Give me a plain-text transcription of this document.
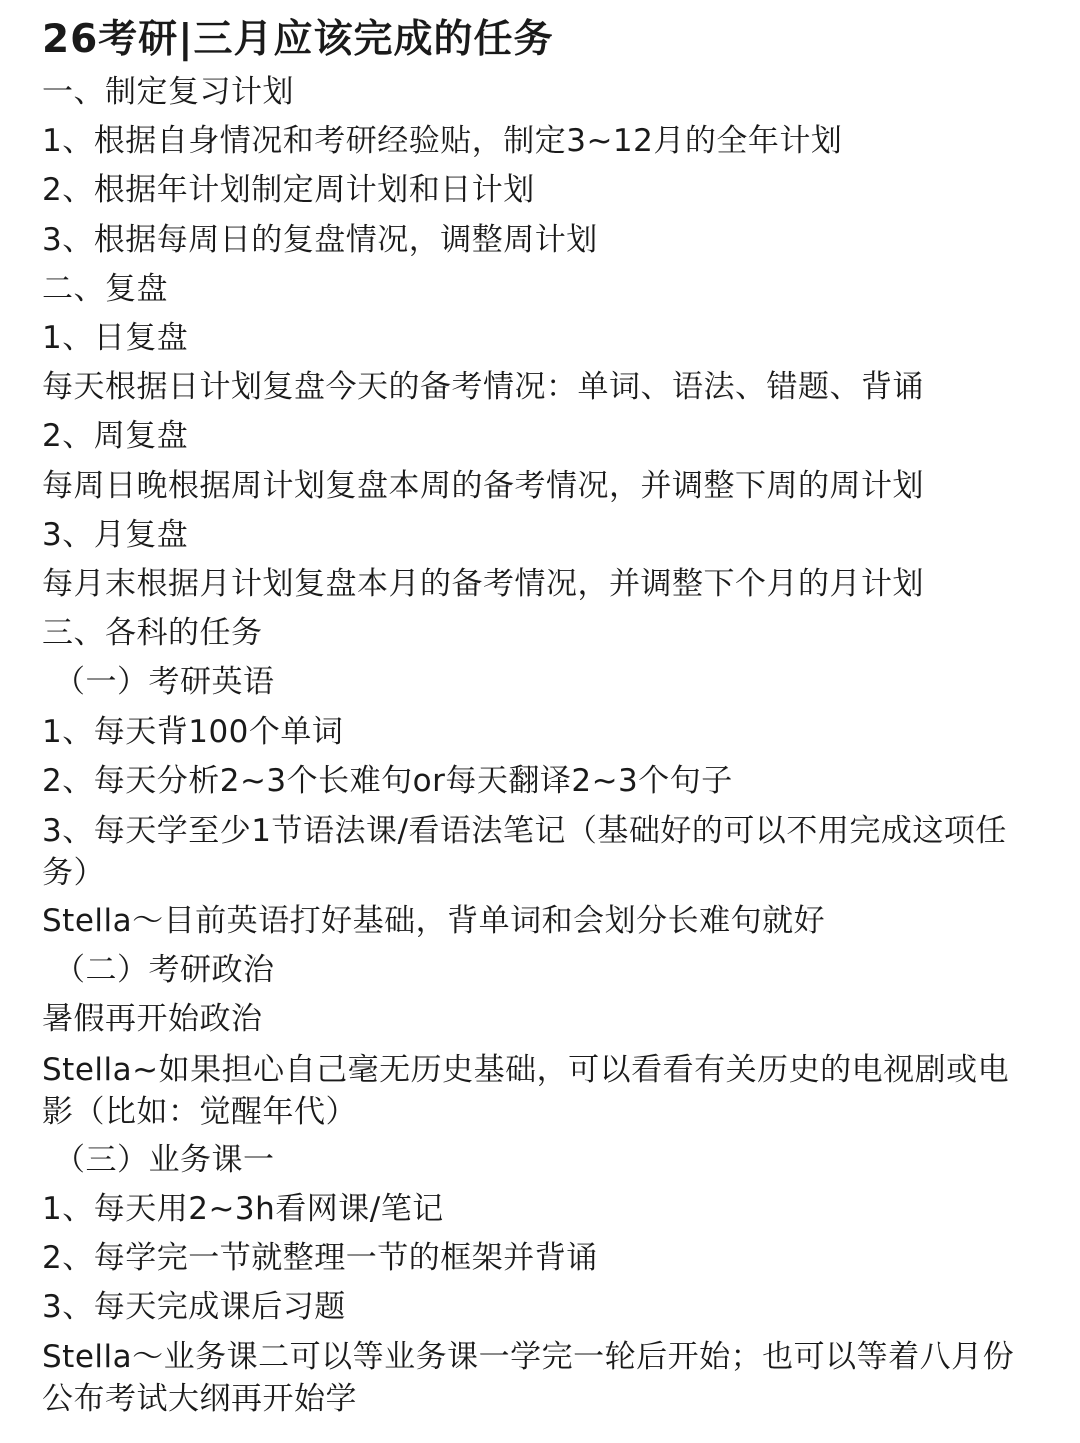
26考研|三月应该完成的任务
一、制定复习计划
1、根据自身情况和考研经验贴，制定3~12月的全年计划
2、根据年计划制定周计划和日计划
3、根据每周日的复盘情况，调整周计划
二、复盘
1、日复盘
每天根据日计划复盘今天的备考情况：单词、语法、错题、背诵
2、周复盘
每周日晚根据周计划复盘本周的备考情况，并调整下周的周计划
3、月复盘
每月末根据月计划复盘本月的备考情况，并调整下个月的月计划
三、各科的任务
（一）考研英语
1、每天背100个单词
2、每天分析2~3个长难句or每天翻译2~3个句子
3、每天学至少1节语法课/看语法笔记（基础好的可以不用完成这项任务）
Stella～目前英语打好基础，背单词和会划分长难句就好
（二）考研政治
暑假再开始政治
Stella~如果担心自己毫无历史基础，可以看看有关历史的电视剧或电影（比如：觉醒年代）
（三）业务课一
1、每天用2~3h看网课/笔记
2、每学完一节就整理一节的框架并背诵
3、每天完成课后习题
Stella～业务课二可以等业务课一学完一轮后开始；也可以等着八月份公布考试大纲再开始学
